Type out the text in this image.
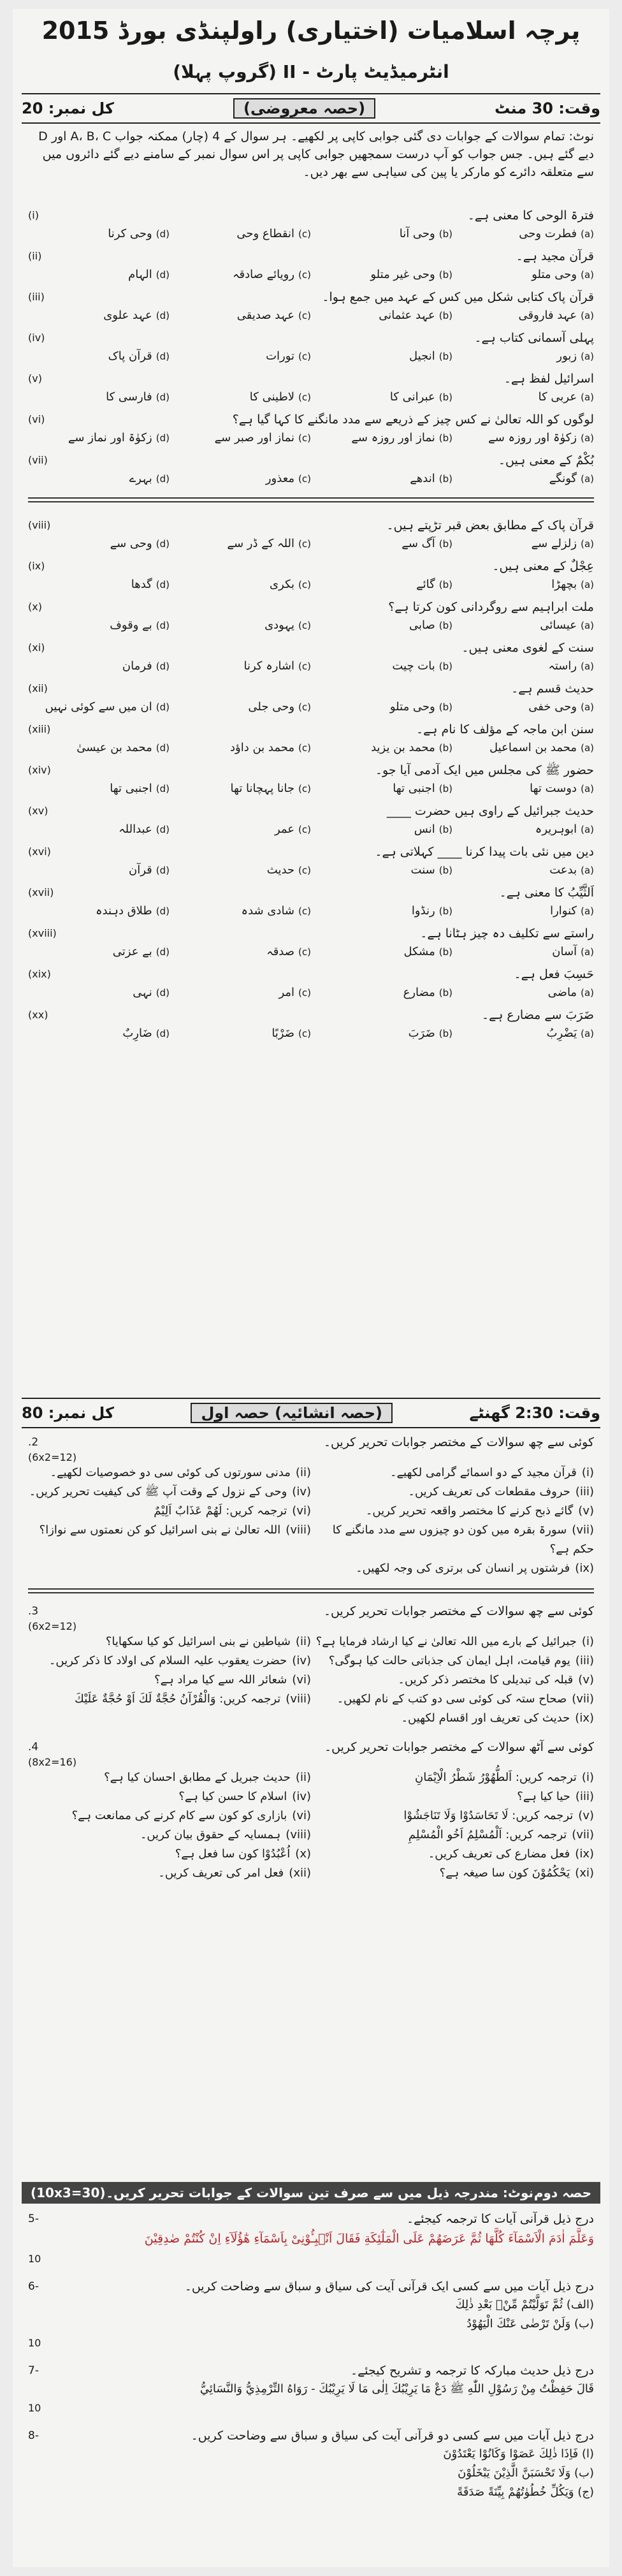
پرچہ اسلامیات (اختیاری) راولپنڈی بورڈ 2015
انٹرمیڈیٹ پارٹ - II (گروپ پہلا)
وقت: 30 منٹ
(حصہ معروضی)
کل نمبر: 20
نوٹ: تمام سوالات کے جوابات دی گئی جوابی کاپی پر لکھیے۔ ہر سوال کے 4 (چار) ممکنہ جواب A، B، C اور D دیے گئے ہیں۔ جس جواب کو آپ درست سمجھیں جوابی کاپی پر اس سوال نمبر کے سامنے دیے گئے دائروں میں سے متعلقہ دائرے کو مارکر یا پین کی سیاہی سے بھر دیں۔
فترۃ الوحی کا معنی ہے۔
(i)
(a)فطرت وحی
(b)وحی آنا
(c)انقطاع وحی
(d)وحی کرنا
قرآن مجید ہے۔
(ii)
(a)وحی متلو
(b)وحی غیر متلو
(c)رویائے صادقہ
(d)الہام
قرآن پاک کتابی شکل میں کس کے عہد میں جمع ہوا۔
(iii)
(a)عہد فاروقی
(b)عہد عثمانی
(c)عہد صدیقی
(d)عہد علوی
پہلی آسمانی کتاب ہے۔
(iv)
(a)زبور
(b)انجیل
(c)تورات
(d)قرآن پاک
اسرائیل لفظ ہے۔
(v)
(a)عربی کا
(b)عبرانی کا
(c)لاطینی کا
(d)فارسی کا
لوگوں کو اللہ تعالیٰ نے کس چیز کے ذریعے سے مدد مانگنے کا کہا گیا ہے؟
(vi)
(a)زکوٰۃ اور روزہ سے
(b)نماز اور روزہ سے
(c)نماز اور صبر سے
(d)زکوٰۃ اور نماز سے
بُکْمٌ کے معنی ہیں۔
(vii)
(a)گونگے
(b)اندھے
(c)معذور
(d)بہرے
قرآن پاک کے مطابق بعض قبر تڑپتے ہیں۔
(viii)
(a)زلزلے سے
(b)آگ سے
(c)اللہ کے ڈر سے
(d)وحی سے
عِجْلٌ کے معنی ہیں۔
(ix)
(a)بچھڑا
(b)گائے
(c)بکری
(d)گدھا
ملت ابراہیم سے روگردانی کون کرتا ہے؟
(x)
(a)عیسائی
(b)صابی
(c)یہودی
(d)بے وقوف
سنت کے لغوی معنی ہیں۔
(xi)
(a)راستہ
(b)بات چیت
(c)اشارہ کرنا
(d)فرمان
حدیث قسم ہے۔
(xii)
(a)وحی خفی
(b)وحی متلو
(c)وحی جلی
(d)ان میں سے کوئی نہیں
سنن ابن ماجہ کے مؤلف کا نام ہے۔
(xiii)
(a)محمد بن اسماعیل
(b)محمد بن یزید
(c)محمد بن داؤد
(d)محمد بن عیسیٰ
حضور ﷺ کی مجلس میں ایک آدمی آیا جو۔
(xiv)
(a)دوست تھا
(b)اجنبی تھا
(c)جانا پہچانا تھا
(d)اجنبی تھا
حدیث جبرائیل کے راوی ہیں حضرت ____
(xv)
(a)ابوہریرہ
(b)انس
(c)عمر
(d)عبداللہ
دین میں نئی بات پیدا کرنا ____ کہلاتی ہے۔
(xvi)
(a)بدعت
(b)سنت
(c)حدیث
(d)قرآن
اَلثَّیِّبُ کا معنی ہے۔
(xvii)
(a)کنوارا
(b)رنڈوا
(c)شادی شدہ
(d)طلاق دہندہ
راستے سے تکلیف دہ چیز ہٹانا ہے۔
(xviii)
(a)آسان
(b)مشکل
(c)صدقہ
(d)بے عزتی
حَسِبَ فعل ہے۔
(xix)
(a)ماضی
(b)مضارع
(c)امر
(d)نہی
ضَرَبَ سے مضارع ہے۔
(xx)
(a)یَضْرِبُ
(b)ضَرَبَ
(c)ضَرْبًا
(d)ضَارِبٌ
وقت: 2:30 گھنٹے
(حصہ انشائیہ) حصہ اول
کل نمبر: 80
کوئی سے چھ سوالات کے مختصر جوابات تحریر کریں۔
2.
(6x2=12)
(i)قرآن مجید کے دو اسمائے گرامی لکھیے۔
(ii)مدنی سورتوں کی کوئی سی دو خصوصیات لکھیے۔
(iii)حروف مقطعات کی تعریف کریں۔
(iv)وحی کے نزول کے وقت آپ ﷺ کی کیفیت تحریر کریں۔
(v)گائے ذبح کرنے کا مختصر واقعہ تحریر کریں۔
(vi)ترجمہ کریں: لَهُمْ عَذَابٌ اَلِيْمٌ
(vii)سورۃ بقرہ میں کون دو چیزوں سے مدد مانگنے کا حکم ہے؟
(viii)اللہ تعالیٰ نے بنی اسرائیل کو کن نعمتوں سے نوازا؟
(ix)فرشتوں پر انسان کی برتری کی وجہ لکھیں۔
کوئی سے چھ سوالات کے مختصر جوابات تحریر کریں۔
3.
(6x2=12)
(i)جبرائیل کے بارے میں اللہ تعالیٰ نے کیا ارشاد فرمایا ہے؟
(ii)شیاطین نے بنی اسرائیل کو کیا سکھایا؟
(iii)یوم قیامت، اہل ایمان کی جذباتی حالت کیا ہوگی؟
(iv)حضرت یعقوب علیہ السلام کی اولاد کا ذکر کریں۔
(v)قبلہ کی تبدیلی کا مختصر ذکر کریں۔
(vi)شعائر اللہ سے کیا مراد ہے؟
(vii)صحاح ستہ کی کوئی سی دو کتب کے نام لکھیں۔
(viii)ترجمہ کریں: وَالْقُرْآنُ حُجَّةٌ لَكَ اَوْ حُجَّةٌ عَلَيْكَ
(ix)حدیث کی تعریف اور اقسام لکھیں۔
کوئی سے آٹھ سوالات کے مختصر جوابات تحریر کریں۔
4.
(8x2=16)
(i)ترجمہ کریں: اَلطُّهُوْرُ شَطْرُ الْاِيْمَانِ
(ii)حدیث جبریل کے مطابق احسان کیا ہے؟
(iii)حیا کیا ہے؟
(iv)اسلام کا حسن کیا ہے؟
(v)ترجمہ کریں: لَا تَحَاسَدُوْا وَلَا تَنَاجَشُوْا
(vi)بازاری کو کون سے کام کرنے کی ممانعت ہے؟
(vii)ترجمہ کریں: اَلْمُسْلِمُ اَخُو الْمُسْلِمِ
(viii)ہمسایہ کے حقوق بیان کریں۔
(ix)فعل مضارع کی تعریف کریں۔
(x)اُعْبُدُوْا کون سا فعل ہے؟
(xi)یَحْكُمُوْنَ کون سا صیغہ ہے؟
(xii)فعل امر کی تعریف کریں۔
حصہ دوم
نوٹ: مندرجہ ذیل میں سے صرف تین سوالات کے جوابات تحریر کریں۔
(10x3=30)
درج ذیل قرآنی آیات کا ترجمہ کیجئے۔
-5
وَعَلَّمَ اٰدَمَ الْاَسْمَآءَ كُلَّهَا ثُمَّ عَرَضَهُمْ عَلَى الْمَلٰٓئِكَةِ فَقَالَ اَنْۢبِـُٔوْنِىْ بِاَسْمَآءِ هٰٓؤُلَآءِ اِنْ كُنْتُمْ صٰدِقِيْنَ
10
درج ذیل آیات میں سے کسی ایک قرآنی آیت کی سیاق و سباق سے وضاحت کریں۔
-6
(الف) ثُمَّ تَوَلَّيْتُمْ مِّنْۢ بَعْدِ ذٰلِكَ
(ب) وَلَنْ تَرْضٰى عَنْكَ الْيَهُوْدُ
10
درج ذیل حدیث مبارکہ کا ترجمہ و تشریح کیجئے۔
-7
قَالَ حَفِظْتُ مِنْ رَسُوْلِ اللّٰهِ ﷺ دَعْ مَا يَرِيْبُكَ اِلٰى مَا لَا يَرِيْبُكَ - رَوَاهُ التِّرْمِذِيُّ وَالنَّسَائِيُّ
10
درج ذیل آیات میں سے کسی دو قرآنی آیت کی سیاق و سباق سے وضاحت کریں۔
-8
(ا) فَاِذَا ذٰلِكَ عَصَوْا وَكَانُوْا يَعْتَدُوْنَ
(ب) وَلَا تَحْسَبَنَّ الَّذِيْنَ يَبْخَلُوْنَ
(ج) وَيَكُلِّ خُطُوٰتُهُمْ بِيِّنَةً صَدَقَةً
